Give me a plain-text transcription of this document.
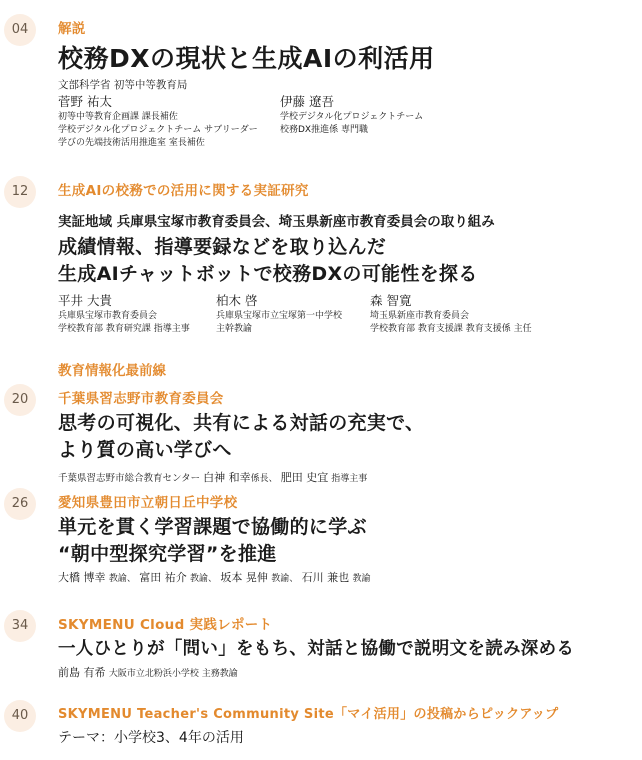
04	解説
校務DXの現状と生成AIの利活用
文部科学省 初等中等教育局
菅野 祐太
初等中等教育企画課 課長補佐
学校デジタル化プロジェクトチーム サブリーダー
学びの先端技術活用推進室 室長補佐
伊藤 遼吾
学校デジタル化プロジェクトチーム
校務DX推進係 専門職
12	生成AIの校務での活用に関する実証研究
実証地域 兵庫県宝塚市教育委員会、埼玉県新座市教育委員会の取り組み
成績情報、指導要録などを取り込んだ
生成AIチャットボットで校務DXの可能性を探る
平井 大貴
兵庫県宝塚市教育委員会
学校教育部 教育研究課 指導主事
柏木 啓
兵庫県宝塚市立宝塚第一中学校
主幹教諭
森 智寛
埼玉県新座市教育委員会
学校教育部 教育支援課 教育支援係 主任
教育情報化最前線
20	千葉県習志野市教育委員会
思考の可視化、共有による対話の充実で、
より質の高い学びへ
千葉県習志野市総合教育センター 白神 和幸係長、 肥田 史宜 指導主事
26	愛知県豊田市立朝日丘中学校
単元を貫く学習課題で協働的に学ぶ
“朝中型探究学習”を推進
大橋 博幸 教諭、 富田 祐介 教諭、 坂本 晃伸 教諭、 石川 兼也 教諭
34	SKYMENU Cloud 実践レポート
一人ひとりが「問い」をもち、対話と協働で説明文を読み深める
前島 有希 大阪市立北粉浜小学校 主務教諭
40	SKYMENU Teacher's Community Site「マイ活用」の投稿からピックアップ
テーマ：小学校3、4年の活用
